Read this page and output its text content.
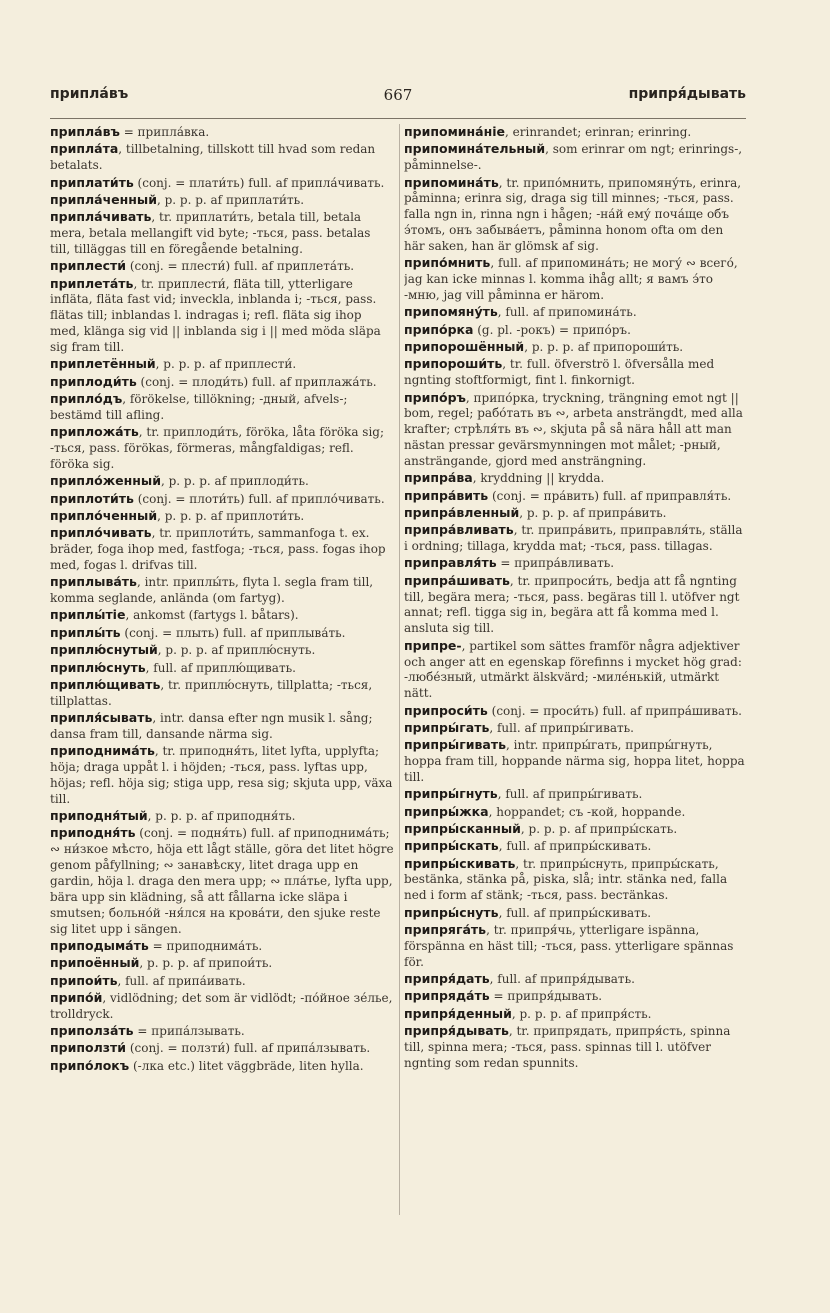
припла́въ	667	припря́дывать
припла́въ = припла́вка.
припла́та, tillbetalning, tillskott till hvad som redan betalats.
приплати́ть (conj. = плати́ть) full. af припла́чивать.
припла́ченный, p. p. p. af приплати́ть.
припла́чивать, tr. приплати́ть, betala till, betala mera, betala mellangift vid byte; -ться, pass. betalas till, tilläggas till en föregående betalning.
приплести́ (conj. = плести́) full. af приплета́ть.
приплета́ть, tr. приплести́, fläta till, ytterligare infläta, fläta fast vid; inveckla, inblanda i; -ться, pass. flätas till; inblandas l. indragas i; refl. fläta sig ihop med, klänga sig vid || inblanda sig i || med möda släpa sig fram till.
приплетённый, p. p. p. af приплести́.
приплоди́ть (conj. = плоди́ть) full. af приплажа́ть.
припло́дъ, förökelse, tillökning; -дный, afvels-; bestämd till afling.
припложа́ть, tr. приплоди́ть, föröka, låta föröka sig; -ться, pass. förökas, förmeras, mångfaldigas; refl. föröka sig.
припло́женный, p. p. p. af приплоди́ть.
приплоти́ть (conj. = плоти́ть) full. af припло́чивать.
припло́ченный, p. p. p. af приплоти́ть.
припло́чивать, tr. приплоти́ть, sammanfoga t. ex. bräder, foga ihop med, fastfoga; -ться, pass. fogas ihop med, fogas l. drifvas till.
приплыва́ть, intr. приплы́ть, flyta l. segla fram till, komma seglande, anlända (om fartyg).
приплы́тіе, ankomst (fartygs l. båtars).
приплы́ть (conj. = плыть) full. af приплыва́ть.
приплю́снутый, p. p. p. af приплю́снуть.
приплю́снуть, full. af приплю́щивать.
приплю́щивать, tr. приплю́снуть, tillplatta; -ться, tillplattas.
припля́сывать, intr. dansa efter ngn musik l. sång; dansa fram till, dansande närma sig.
приподнима́ть, tr. приподня́ть, litet lyfta, upplyfta; höja; draga uppåt l. i höjden; -ться, pass. lyftas upp, höjas; refl. höja sig; stiga upp, resa sig; skjuta upp, växa till.
приподня́тый, p. p. p. af приподня́ть.
приподня́ть (conj. = подня́ть) full. af приподнима́ть; ∾ ни́зкое мѣсто, höja ett lågt ställe, göra det litet högre genom påfyllning; ∾ занавѣску, litet draga upp en gardin, höja l. draga den mera upp; ∾ пла́тье, lyfta upp, bära upp sin klädning, så att fållarna icke släpa i smutsen; больно́й -ня́лся на крова́ти, den sjuke reste sig litet upp i sängen.
приподыма́ть = приподнима́ть.
припоённый, p. p. p. af припои́ть.
припои́ть, full. af припа́ивать.
припо́й, vidlödning; det som är vidlödt; -по́йное зе́лье, trolldryck.
приполза́ть = припа́лзывать.
приползти́ (conj. = ползти́) full. af припа́лзывать.
припо́локъ (-лка etc.) litet väggbräde, liten hylla.
припомина́ніе, erinrandet; erinran; erinring.
припомина́тельный, som erinrar om ngt; erinrings-, påminnelse-.
припомина́ть, tr. припо́мнить, припомяну́ть, erinra, påminna; erinra sig, draga sig till minnes; -ться, pass. falla ngn in, rinna ngn i hågen; -на́й ему́ поча́ще объ э́томъ, онъ забыва́етъ, påminna honom ofta om den här saken, han är glömsk af sig.
припо́мнить, full. af припомина́ть; не могу́ ∾ всего́, jag kan icke minnas l. komma ihåg allt; я вамъ э́то -мню, jag vill påminna er härom.
припомяну́ть, full. af припомина́ть.
припо́рка (g. pl. -рокъ) = припо́ръ.
припорошённый, p. p. p. af припороши́ть.
припороши́ть, tr. full. öfverströ l. öfversålla med ngnting stoftformigt, fint l. finkornigt.
припо́ръ, припо́рка, tryckning, trängning emot ngt || bom, regel; рабо́тать въ ∾, arbeta ansträngdt, med alla krafter; стрѣля́ть въ ∾, skjuta på så nära håll att man nästan pressar gevärsmynningen mot målet; -рный, ansträngande, gjord med ansträngning.
припра́ва, kryddning || krydda.
припра́вить (conj. = пра́вить) full. af приправля́ть.
припра́вленный, p. p. p. af припра́вить.
припра́вливать, tr. припра́вить, приправля́ть, ställa i ordning; tillaga, krydda mat; -ться, pass. tillagas.
приправля́ть = припра́вливать.
припра́шивать, tr. припроси́ть, bedja att få ngnting till, begära mera; -ться, pass. begäras till l. utöfver ngt annat; refl. tigga sig in, begära att få komma med l. ansluta sig till.
припре-, partikel som sättes framför några adjektiver och anger att en egenskap förefinns i mycket hög grad: -любе́зный, utmärkt älskvärd; -миле́нькій, utmärkt nätt.
припроси́ть (conj. = проси́ть) full. af припра́шивать.
припры́гать, full. af припры́гивать.
припры́гивать, intr. припры́гать, припры́гнуть, hoppa fram till, hoppande närma sig, hoppa litet, hoppa till.
припры́гнуть, full. af припры́гивать.
припры́жка, hoppandet; съ -кой, hoppande.
припры́сканный, p. p. p. af припры́скать.
припры́скать, full. af припры́скивать.
припры́скивать, tr. припры́снуть, припры́скать, bestänka, stänka på, piska, slå; intr. stänka ned, falla ned i form af stänk; -ться, pass. beстänkas.
припры́снуть, full. af припры́скивать.
припряга́ть, tr. припря́чь, ytterligare ispänna, förspänna en häst till; -ться, pass. ytterligare spännas för.
припря́дать, full. af припря́дывать.
припряда́ть = припря́дывать.
припря́денный, p. p. p. af припря́сть.
припря́дывать, tr. припрядать, припря́сть, spinna till, spinna mera; -ться, pass. spinnas till l. utöfver ngnting som redan spunnits.
